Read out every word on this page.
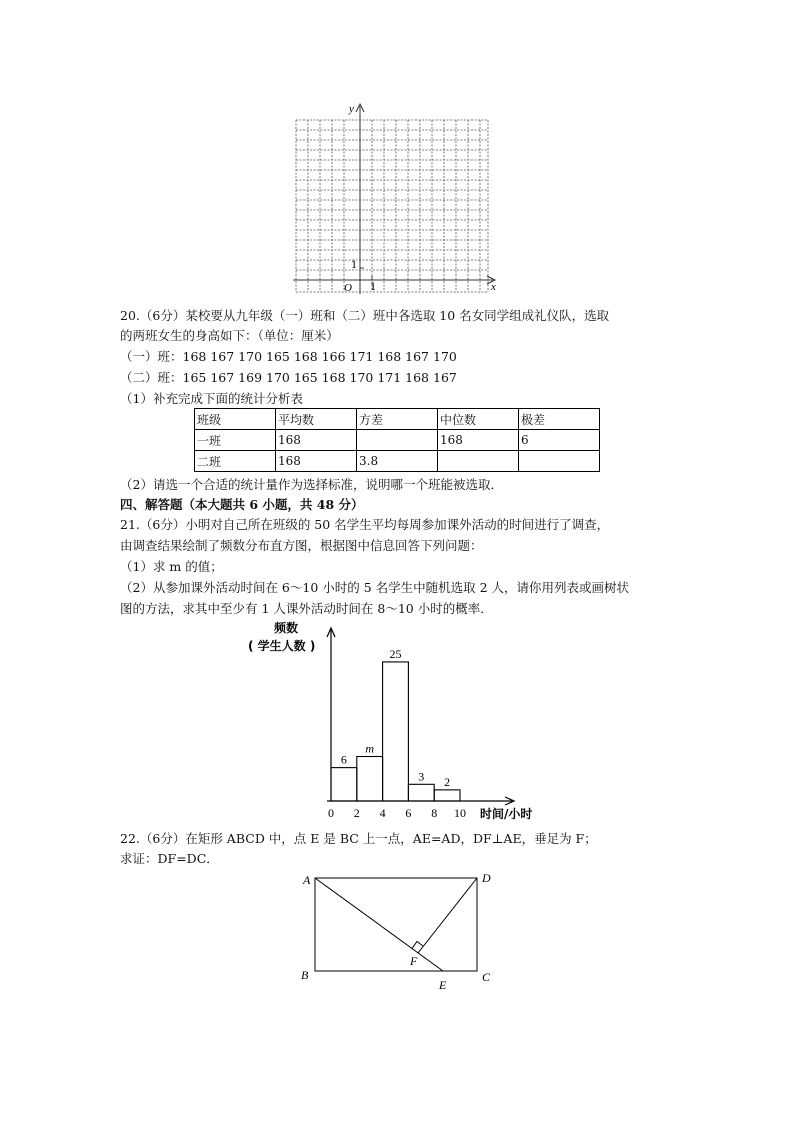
y
x
O 1
1
20.（6分）某校要从九年级（一）班和（二）班中各选取 10 名女同学组成礼仪队，选取
的两班女生的身高如下：（单位：厘米）
（一）班：168 167 170 165 168 166 171 168 167 170
（二）班：165 167 169 170 165 168 170 171 168 167
（1）补充完成下面的统计分析表
班级	平均数	方差	中位数	极差
一班	168		168	6
二班	168	3.8		
（2）请选一个合适的统计量作为选择标准，说明哪一个班能被选取．
四、解答题（本大题共 6 小题，共 48 分）
21.（6分）小明对自己所在班级的 50 名学生平均每周参加课外活动的时间进行了调查，
由调查结果绘制了频数分布直方图，根据图中信息回答下列问题：
（1）求 m 的值；
（2）从参加课外活动时间在 6～10 小时的 5 名学生中随机选取 2 人，请你用列表或画树状
图的方法，求其中至少有 1 人课外活动时间在 8～10 小时的概率．
频数
( 学生人数 )
时间/小时
6
m
25
3 2
0 2 4 6 8 10
22.（6分）在矩形 ABCD 中，点 E 是 BC 上一点，AE=AD，DF⊥AE，垂足为 F；
求证：DF=DC．
A	D
B	C
F
E
